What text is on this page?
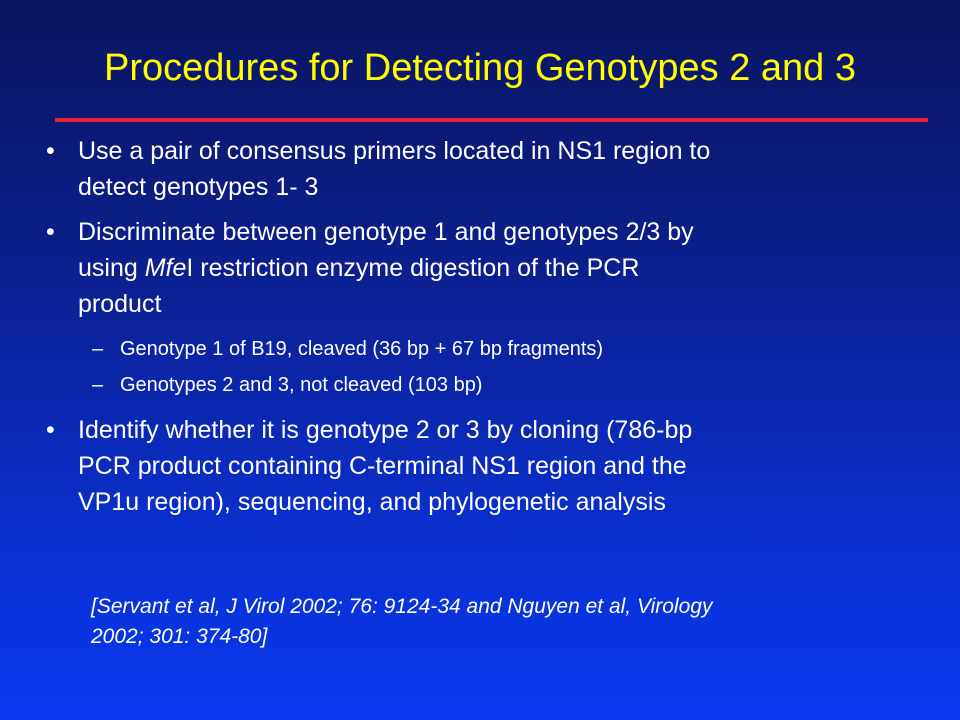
Procedures for Detecting Genotypes 2 and 3
• Use a pair of consensus primers located in NS1 region to
detect genotypes 1- 3
• Discriminate between genotype 1 and genotypes 2/3 by
using MfeI restriction enzyme digestion of the PCR
product
– Genotype 1 of B19, cleaved (36 bp + 67 bp fragments)
– Genotypes 2 and 3, not cleaved (103 bp)
• Identify whether it is genotype 2 or 3 by cloning (786-bp
PCR product containing C-terminal NS1 region and the
VP1u region), sequencing, and phylogenetic analysis
[Servant et al, J Virol 2002; 76: 9124-34 and Nguyen et al, Virology
2002; 301: 374-80]
